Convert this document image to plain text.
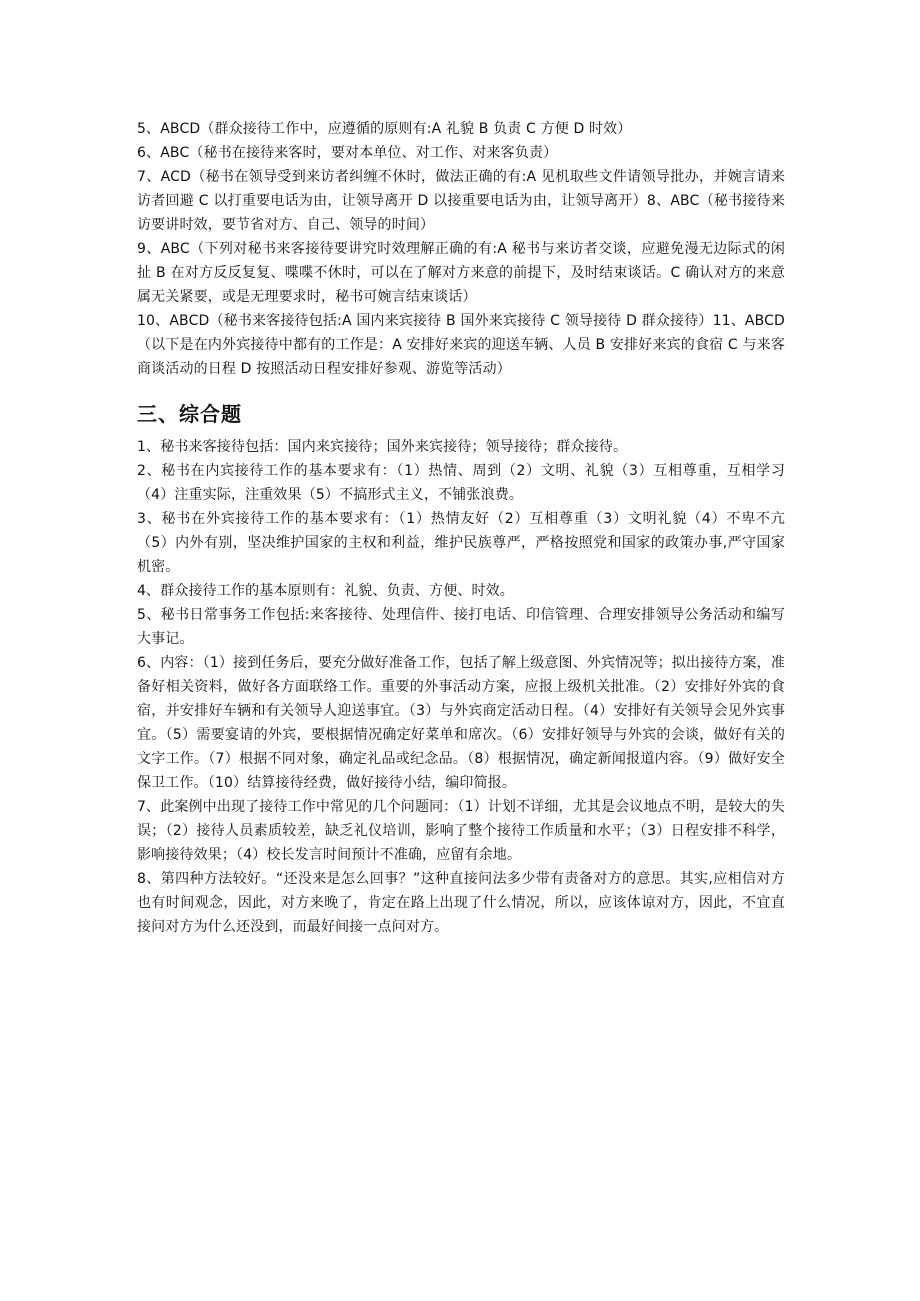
5、ABCD（群众接待工作中，应遵循的原则有:A 礼貌 B 负责 C 方便 D 时效）

6、ABC（秘书在接待来客时，要对本单位、对工作、对来客负责）

7、ACD（秘书在领导受到来访者纠缠不休时，做法正确的有:A 见机取些文件请领导批办，并婉言请来访者回避 C 以打重要电话为由，让领导离开 D 以接重要电话为由，让领导离开）8、ABC（秘书接待来访要讲时效，要节省对方、自己、领导的时间）

9、ABC（下列对秘书来客接待要讲究时效理解正确的有:A 秘书与来访者交谈，应避免漫无边际式的闲扯 B 在对方反反复复、喋喋不休时，可以在了解对方来意的前提下，及时结束谈话。C 确认对方的来意属无关紧要，或是无理要求时，秘书可婉言结束谈话）

10、ABCD（秘书来客接待包括:A 国内来宾接待 B 国外来宾接待 C 领导接待 D 群众接待）11、ABCD（以下是在内外宾接待中都有的工作是：A 安排好来宾的迎送车辆、人员 B 安排好来宾的食宿 C 与来客商谈活动的日程 D 按照活动日程安排好参观、游览等活动）

三、综合题

1、秘书来客接待包括：国内来宾接待；国外来宾接待；领导接待；群众接待。

2、秘书在内宾接待工作的基本要求有：（1）热情、周到（2）文明、礼貌（3）互相尊重，互相学习（4）注重实际，注重效果（5）不搞形式主义，不铺张浪费。

3、秘书在外宾接待工作的基本要求有：（1）热情友好（2）互相尊重（3）文明礼貌（4）不卑不亢（5）内外有别，坚决维护国家的主权和利益，维护民族尊严，严格按照党和国家的政策办事,严守国家机密。

4、群众接待工作的基本原则有：礼貌、负责、方便、时效。

5、秘书日常事务工作包括:来客接待、处理信件、接打电话、印信管理、合理安排领导公务活动和编写大事记。

6、内容：（1）接到任务后，要充分做好准备工作，包括了解上级意图、外宾情况等；拟出接待方案，准备好相关资料，做好各方面联络工作。重要的外事活动方案，应报上级机关批准。（2）安排好外宾的食宿，并安排好车辆和有关领导人迎送事宜。（3）与外宾商定活动日程。（4）安排好有关领导会见外宾事宜。（5）需要宴请的外宾，要根据情况确定好菜单和席次。（6）安排好领导与外宾的会谈，做好有关的文字工作。（7）根据不同对象，确定礼品或纪念品。（8）根据情况，确定新闻报道内容。（9）做好安全保卫工作。（10）结算接待经费，做好接待小结，编印简报。

7、此案例中出现了接待工作中常见的几个问题同：（1）计划不详细，尤其是会议地点不明，是较大的失误；（2）接待人员素质较差，缺乏礼仪培训，影响了整个接待工作质量和水平；（3）日程安排不科学，影响接待效果；（4）校长发言时间预计不准确，应留有余地。

8、第四种方法较好。“还没来是怎么回事？”这种直接问法多少带有责备对方的意思。其实,应相信对方也有时间观念，因此，对方来晚了，肯定在路上出现了什么情况，所以，应该体谅对方，因此，不宜直接问对方为什么还没到，而最好间接一点问对方。
